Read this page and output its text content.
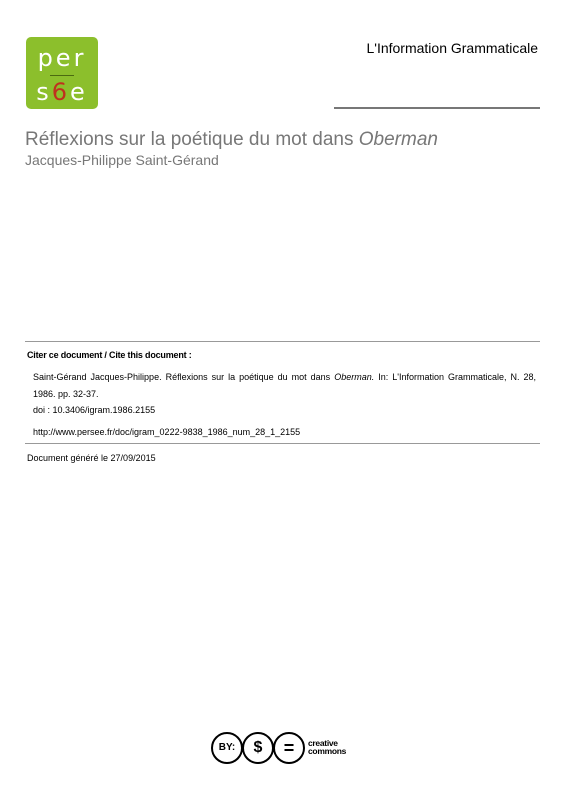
per
s6e
L'Information Grammaticale
Réflexions sur la poétique du mot dans Oberman
Jacques-Philippe Saint-Gérand
Citer ce document / Cite this document :
Saint-Gérand Jacques-Philippe. Réflexions sur la poétique du mot dans Oberman. In: L'Information Grammaticale, N. 28, 1986. pp. 32-37.
doi : 10.3406/igram.1986.2155
http://www.persee.fr/doc/igram_0222-9838_1986_num_28_1_2155
Document généré le 27/09/2015
BY:	$	=	creative
commons
